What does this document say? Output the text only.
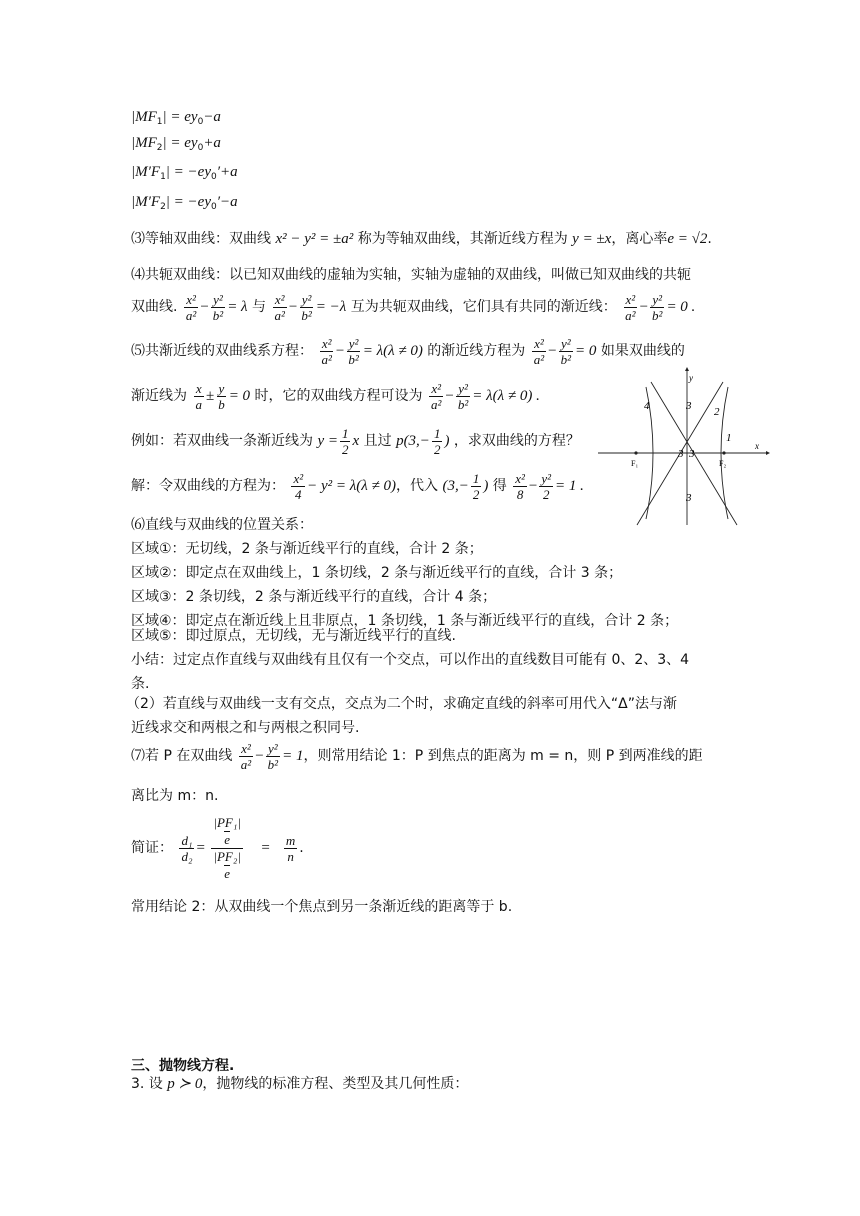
$|MF_1| = ey_0-a$
$|MF_2| = ey_0+a$
$|M'F_1| = -ey_0'+a$
$|M'F_2| = -ey_0'-a$
⑶等轴双曲线：双曲线 x² − y² = ±a² 称为等轴双曲线，其渐近线方程为 y = ±x，离心率e = √2.
⑷共轭双曲线：以已知双曲线的虚轴为实轴，实轴为虚轴的双曲线，叫做已知双曲线的共轭
双曲线. $\frac{\text{x²}}{\text{a²}} - \frac{\text{y²}}{\text{b²}} = \lambda$ 与 $\frac{\text{x²}}{\text{a²}} - \frac{\text{y²}}{\text{b²}} = -\lambda$ 互为共轭双曲线，它们具有共同的渐近线： $\frac{\text{x²}}{\text{a²}} - \frac{\text{y²}}{\text{b²}} = 0$ .
⑸共渐近线的双曲线系方程： $\frac{\text{x²}}{\text{a²}} - \frac{\text{y²}}{\text{b²}} = \lambda(\lambda \ne 0)$ 的渐近线方程为 $\frac{\text{x²}}{\text{a²}} - \frac{\text{y²}}{\text{b²}} = 0$ 如果双曲线的
渐近线为 $\frac{x}{a} \pm \frac{y}{b} = 0$ 时，它的双曲线方程可设为 $\frac{\text{x²}}{\text{a²}} - \frac{\text{y²}}{\text{b²}} = \lambda(\lambda \ne 0)$ .
例如：若双曲线一条渐近线为 $y = \frac{1}{2}$ x 且过 $p(3,- \frac{1}{2}$ ) ，求双曲线的方程？
解：令双曲线的方程为： $\frac{\text{x²}}{4} - y^2 = \lambda(\lambda \ne 0)$，代入 ($3,- \frac{1}{2}$ ) 得 $\frac{\text{x²}}{8} - \frac{\text{y²}}{2} = 1$ .
x
y
F₁	F₂
1
2
3
3
3
4
3
⑹直线与双曲线的位置关系：
区域①：无切线，2 条与渐近线平行的直线，合计 2 条；
区域②：即定点在双曲线上，1 条切线，2 条与渐近线平行的直线，合计 3 条；
区域③：2 条切线，2 条与渐近线平行的直线，合计 4 条；
区域④：即定点在渐近线上且非原点，1 条切线，1 条与渐近线平行的直线，合计 2 条；
区域⑤：即过原点，无切线，无与渐近线平行的直线.
小结：过定点作直线与双曲线有且仅有一个交点，可以作出的直线数目可能有 0、2、3、4
条.
（2）若直线与双曲线一支有交点，交点为二个时，求确定直线的斜率可用代入“Δ”法与渐
近线求交和两根之和与两根之积同号.
⑺若 P 在双曲线 $\frac{\text{x²}}{\text{a²}} - \frac{\text{y²}}{\text{b²}} = 1$，则常用结论 1：P 到焦点的距离为 m = n，则 P 到两准线的距
离比为 m：n.
简证： $\frac{\text{d₁}}{\text{d₂}} = |PF_1|$
e
|PF₂|
$e = \frac{m}{n}$ .
常用结论 2：从双曲线一个焦点到另一条渐近线的距离等于 b.
三、抛物线方程.
3. 设 p ≻ 0，抛物线的标准方程、类型及其几何性质：
